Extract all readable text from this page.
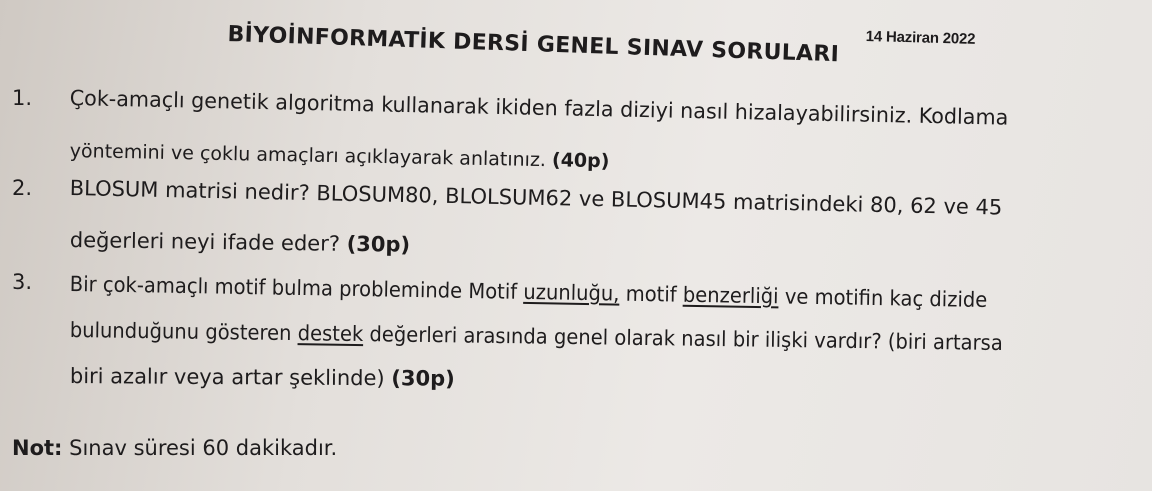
14 Haziran 2022
BİYOİNFORMATİK DERSİ GENEL SINAV SORULARI
1. Çok-amaçlı genetik algoritma kullanarak ikiden fazla diziyi nasıl hizalayabilirsiniz. Kodlama
yöntemini ve çoklu amaçları açıklayarak anlatınız. (40p)
2. BLOSUM matrisi nedir? BLOSUM80, BLOLSUM62 ve BLOSUM45 matrisindeki 80, 62 ve 45
değerleri neyi ifade eder? (30p)
3. Bir çok-amaçlı motif bulma probleminde Motif uzunluğu, motif benzerliği ve motifin kaç dizide
bulunduğunu gösteren destek değerleri arasında genel olarak nasıl bir ilişki vardır? (biri artarsa
biri azalır veya artar şeklinde) (30p)
Not: Sınav süresi 60 dakikadır.
